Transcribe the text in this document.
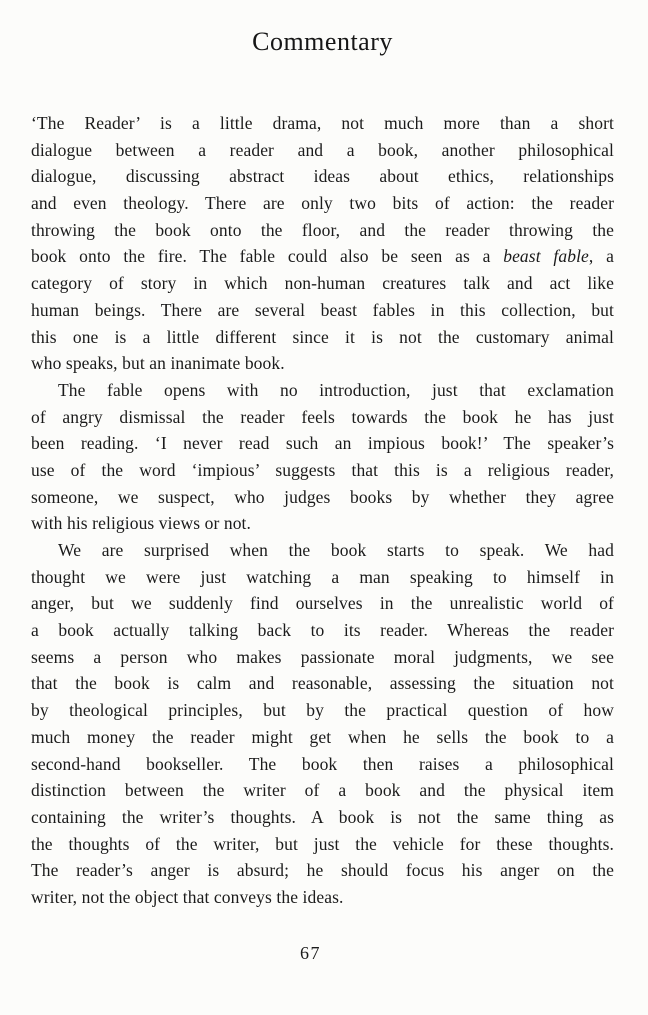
Commentary
‘The Reader’ is a little drama, not much more than a short
dialogue between a reader and a book, another philosophical
dialogue, discussing abstract ideas about ethics, relationships
and even theology. There are only two bits of action: the reader
throwing the book onto the floor, and the reader throwing the
book onto the fire. The fable could also be seen as a beast fable, a
category of story in which non-human creatures talk and act like
human beings. There are several beast fables in this collection, but
this one is a little different since it is not the customary animal
who speaks, but an inanimate book.
The fable opens with no introduction, just that exclamation
of angry dismissal the reader feels towards the book he has just
been reading. ‘I never read such an impious book!’ The speaker’s
use of the word ‘impious’ suggests that this is a religious reader,
someone, we suspect, who judges books by whether they agree
with his religious views or not.
We are surprised when the book starts to speak. We had
thought we were just watching a man speaking to himself in
anger, but we suddenly find ourselves in the unrealistic world of
a book actually talking back to its reader. Whereas the reader
seems a person who makes passionate moral judgments, we see
that the book is calm and reasonable, assessing the situation not
by theological principles, but by the practical question of how
much money the reader might get when he sells the book to a
second-hand bookseller. The book then raises a philosophical
distinction between the writer of a book and the physical item
containing the writer’s thoughts. A book is not the same thing as
the thoughts of the writer, but just the vehicle for these thoughts.
The reader’s anger is absurd; he should focus his anger on the
writer, not the object that conveys the ideas.
67
